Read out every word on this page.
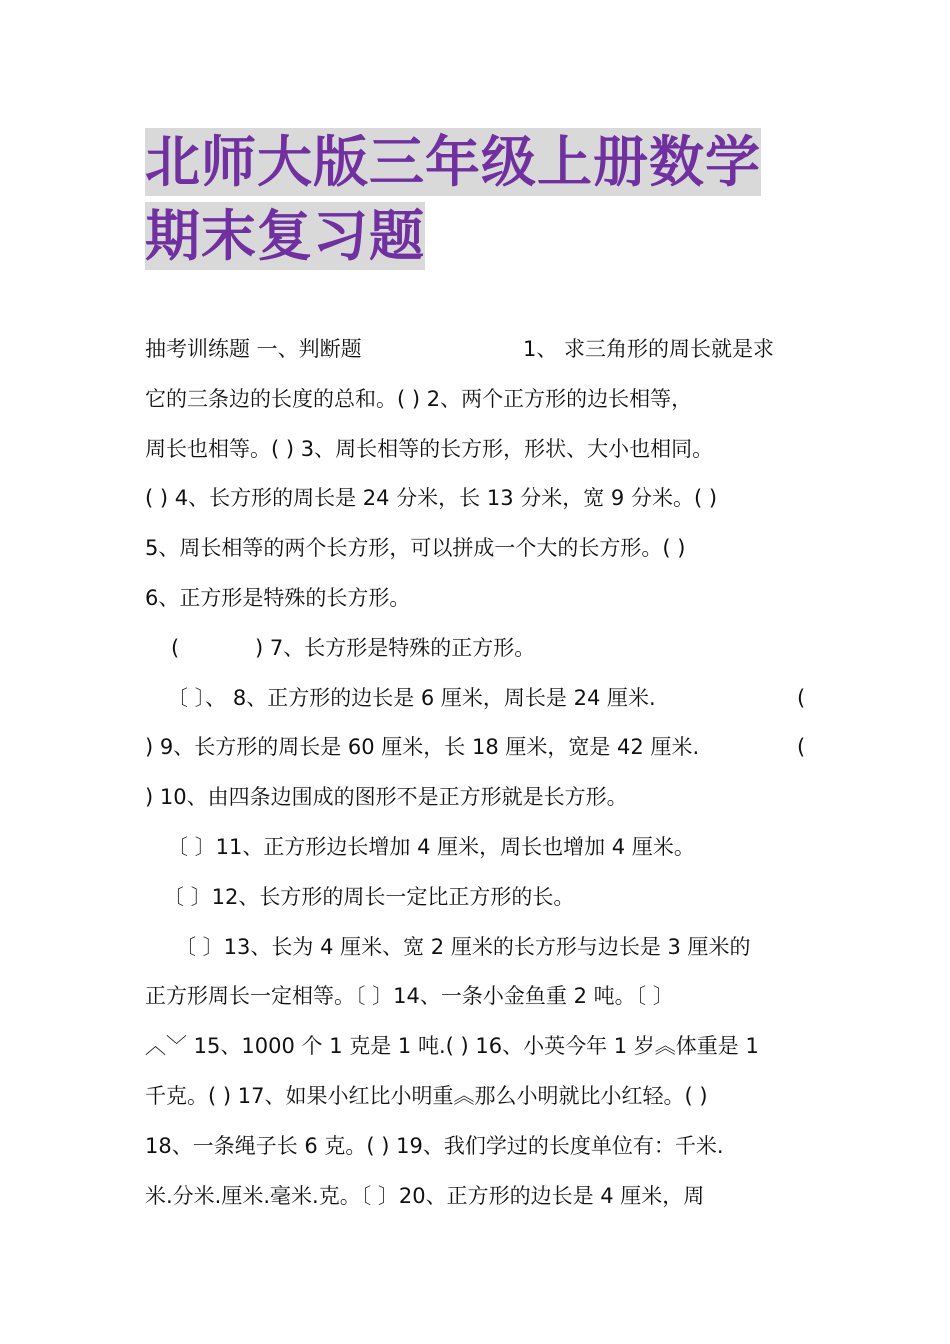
北师大版三年级上册数学
期末复习题
抽考训练题 一、判断题	1、 求三角形的周长就是求
它的三条边的长度的总和。( ) 2、两个正方形的边长相等，
周长也相等。( ) 3、周长相等的长方形，形状、大小也相同。
( ) 4、长方形的周长是 24 分米，长 13 分米，宽 9 分米。( )
5、周长相等的两个长方形，可以拼成一个大的长方形。( )
6、正方形是特殊的长方形。
(	) 7、长方形是特殊的正方形。
〔 〕、 8、正方形的边长是 6 厘米，周长是 24 厘米.	(
) 9、长方形的周长是 60 厘米，长 18 厘米，宽是 42 厘米.	(
) 10、由四条边围成的图形不是正方形就是长方形。
〔 〕11、正方形边长增加 4 厘米，周长也增加 4 厘米。
〔 〕12、长方形的周长一定比正方形的长。
〔 〕13、长为 4 厘米、宽 2 厘米的长方形与边长是 3 厘米的
正方形周长一定相等。〔 〕14、一条小金鱼重 2 吨。〔 〕
︿﹀ 15、1000 个 1 克是 1 吨.( ) 16、小英今年 1 岁︽体重是 1
千克。( ) 17、如果小红比小明重︽那么小明就比小红轻。( )
18、一条绳子长 6 克。( ) 19、我们学过的长度单位有：千米.
米.分米.厘米.毫米.克。〔 〕20、正方形的边长是 4 厘米，周
